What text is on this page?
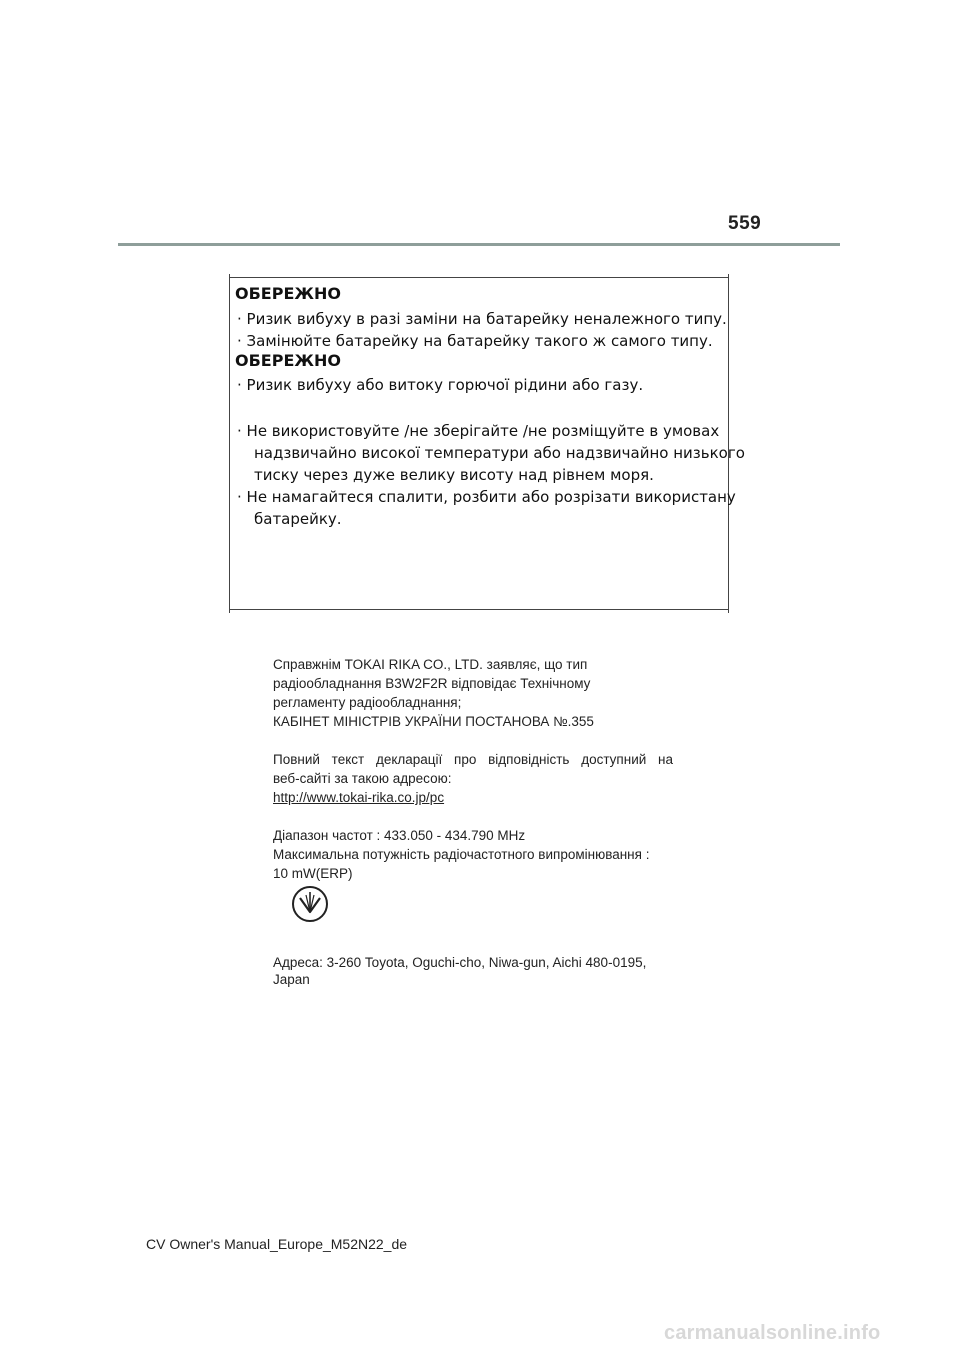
559
ОБЕРЕЖНО
· Ризик вибуху в разі заміни на батарейку неналежного типу.
· Замінюйте батарейку на батарейку такого ж самого типу.
ОБЕРЕЖНО
· Ризик вибуху або витоку горючої рідини або газу.
· Не використовуйте /не зберігайте /не розміщуйте в умовах
надзвичайно високої температури або надзвичайно низького
тиску через дуже велику висоту над рівнем моря.
· Не намагайтеся спалити, розбити або розрізати використану
батарейку.
Справжнім TOKAI RIKA CO., LTD. заявляє, що тип
радіообладнання B3W2F2R відповідає Технічному
регламенту радіообладнання;
КАБІНЕТ МІНІСТРІВ УКРАЇНИ ПОСТАНОВА №.355
Повний текст декларації про відповідність доступний на
веб-сайті за такою адресою:
http://www.tokai-rika.co.jp/pc
Діапазон частот : 433.050 - 434.790 MHz
Максимальна потужність радіочастотного випромінювання :
10 mW(ERP)
Адреса: 3-260 Toyota, Oguchi-cho, Niwa-gun, Aichi 480-0195,
Japan
CV Owner's Manual_Europe_M52N22_de
carmanualsonline.info
